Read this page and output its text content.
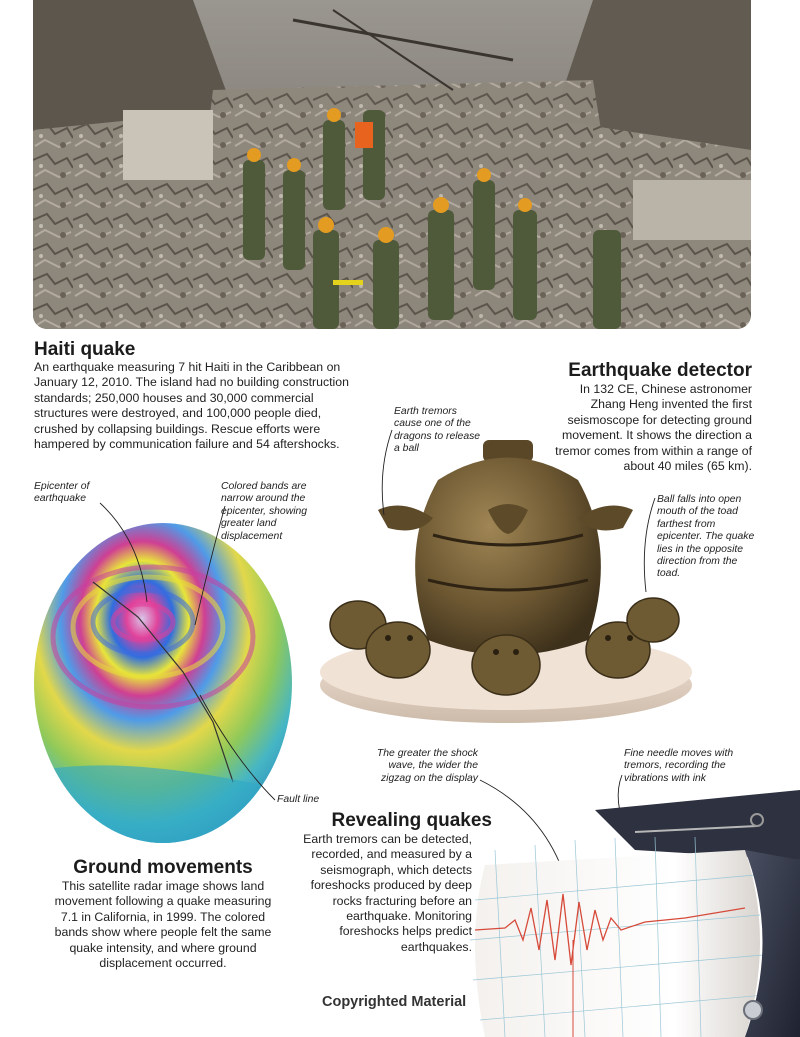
Haiti quake

An earthquake measuring 7 hit Haiti in the Caribbean on January 12, 2010. The island had no building construction standards; 250,000 houses and 30,000 commercial structures were destroyed, and 100,000 people died, crushed by collapsing buildings. Rescue efforts were hampered by communication failure and 54 aftershocks.

Earthquake detector

In 132 CE, Chinese astronomer Zhang Heng invented the first seismoscope for detecting ground movement. It shows the direction a tremor comes from within a range of about 40 miles (65 km).

Earth tremors cause one of the dragons to release a ball

Ball falls into open mouth of the toad farthest from epicenter. The quake lies in the opposite direction from the toad.

Epicenter of earthquake

Colored bands are narrow around the epicenter, showing greater land displacement

Fault line

The greater the shock wave, the wider the zigzag on the display

Fine needle moves with tremors, recording the vibrations with ink

Ground movements

This satellite radar image shows land movement following a quake measuring 7.1 in California, in 1999. The colored bands show where people felt the same quake intensity, and where ground displacement occurred.

Revealing quakes

Earth tremors can be detected, recorded, and measured by a seismograph, which detects foreshocks produced by deep rocks fracturing before an earthquake. Monitoring foreshocks helps predict earthquakes.

Copyrighted Material
